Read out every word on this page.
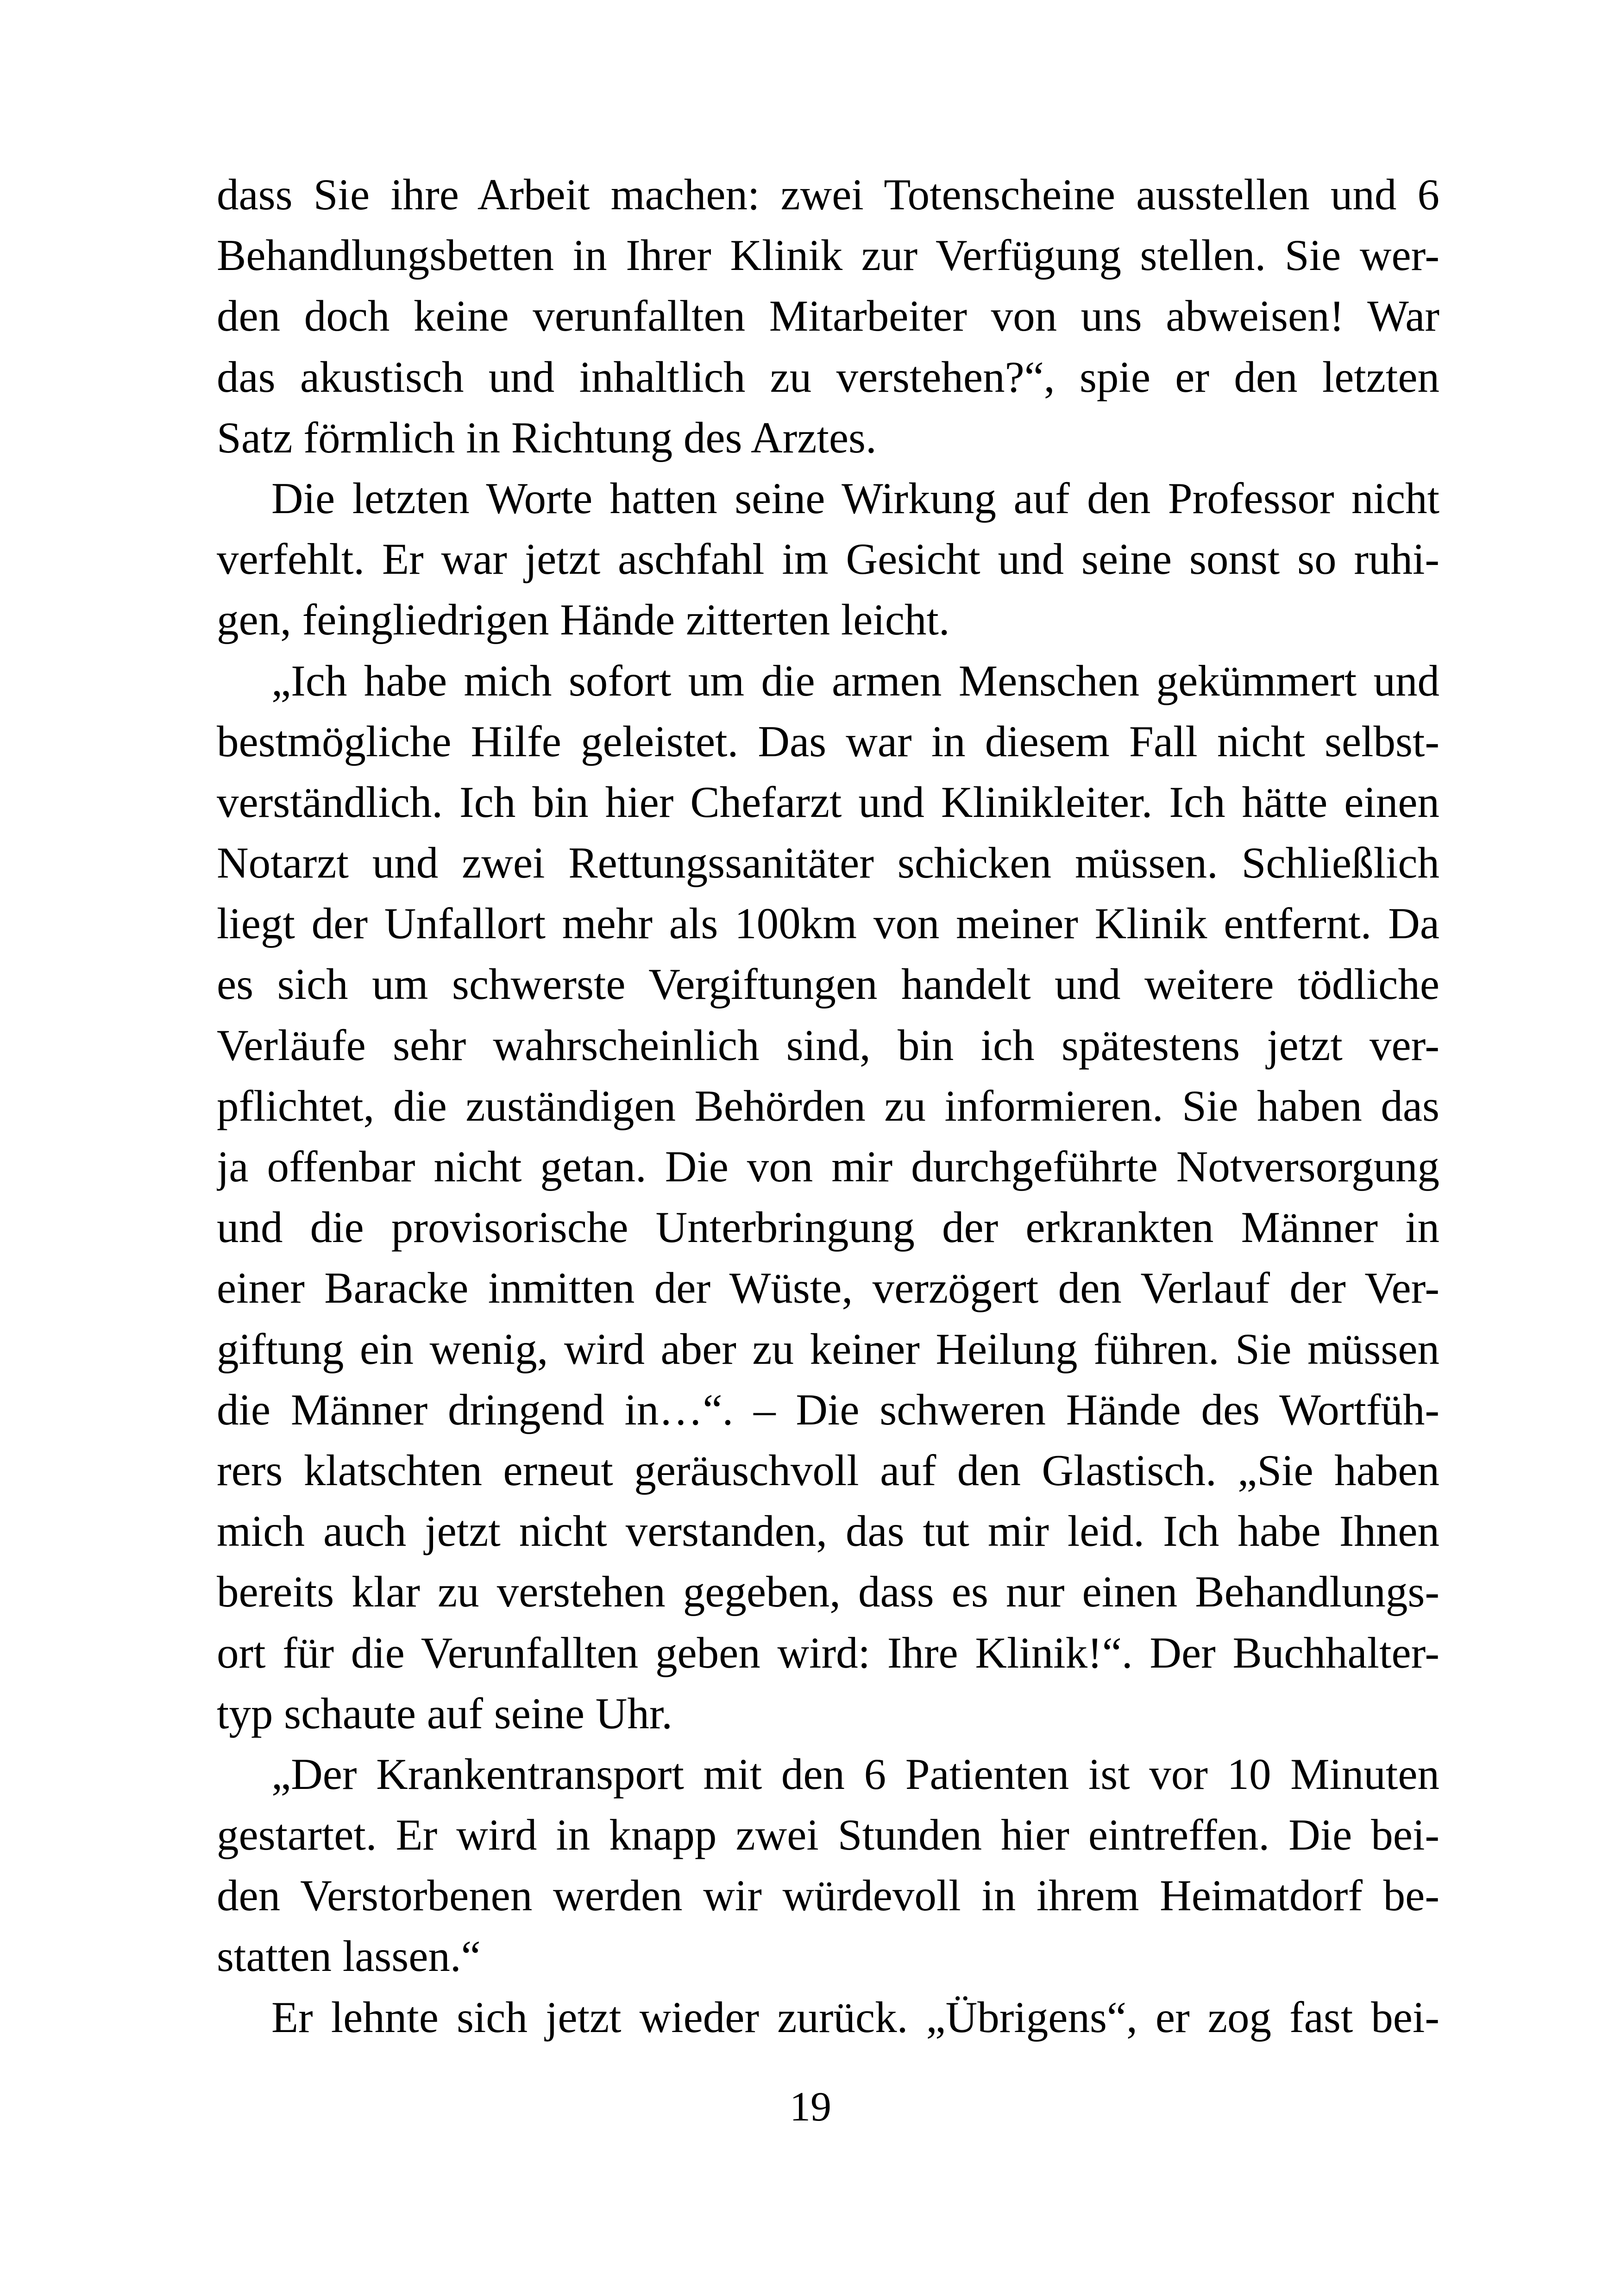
dass Sie ihre Arbeit machen: zwei Totenscheine ausstellen und 6
Behandlungsbetten in Ihrer Klinik zur Verfügung stellen. Sie wer-
den doch keine verunfallten Mitarbeiter von uns abweisen! War
das akustisch und inhaltlich zu verstehen?“, spie er den letzten
Satz förmlich in Richtung des Arztes.
Die letzten Worte hatten seine Wirkung auf den Professor nicht
verfehlt. Er war jetzt aschfahl im Gesicht und seine sonst so ruhi-
gen, feingliedrigen Hände zitterten leicht.
„Ich habe mich sofort um die armen Menschen gekümmert und
bestmögliche Hilfe geleistet. Das war in diesem Fall nicht selbst-
verständlich. Ich bin hier Chefarzt und Klinikleiter. Ich hätte einen
Notarzt und zwei Rettungssanitäter schicken müssen. Schließlich
liegt der Unfallort mehr als 100km von meiner Klinik entfernt. Da
es sich um schwerste Vergiftungen handelt und weitere tödliche
Verläufe sehr wahrscheinlich sind, bin ich spätestens jetzt ver-
pflichtet, die zuständigen Behörden zu informieren. Sie haben das
ja offenbar nicht getan. Die von mir durchgeführte Notversorgung
und die provisorische Unterbringung der erkrankten Männer in
einer Baracke inmitten der Wüste, verzögert den Verlauf der Ver-
giftung ein wenig, wird aber zu keiner Heilung führen. Sie müssen
die Männer dringend in…“. – Die schweren Hände des Wortfüh-
rers klatschten erneut geräuschvoll auf den Glastisch. „Sie haben
mich auch jetzt nicht verstanden, das tut mir leid. Ich habe Ihnen
bereits klar zu verstehen gegeben, dass es nur einen Behandlungs-
ort für die Verunfallten geben wird: Ihre Klinik!“. Der Buchhalter-
typ schaute auf seine Uhr.
„Der Krankentransport mit den 6 Patienten ist vor 10 Minuten
gestartet. Er wird in knapp zwei Stunden hier eintreffen. Die bei-
den Verstorbenen werden wir würdevoll in ihrem Heimatdorf be-
statten lassen.“
Er lehnte sich jetzt wieder zurück. „Übrigens“, er zog fast bei-
19
